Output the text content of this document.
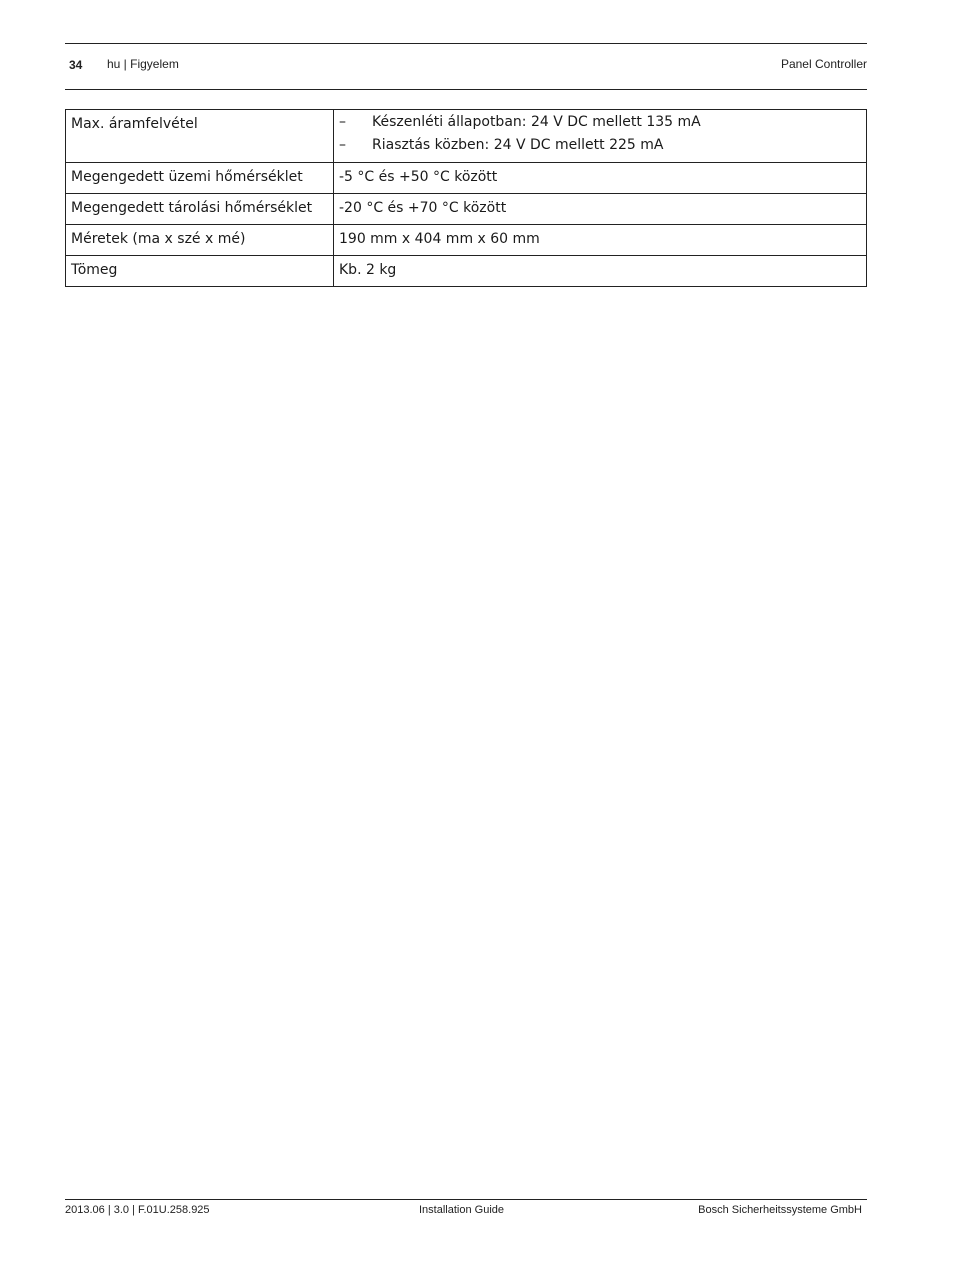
34 hu | Figyelem	Panel Controller
Max. áramfelvétel	– Készenléti állapotban: 24 V DC mellett 135 mA
– Riasztás közben: 24 V DC mellett 225 mA

Megengedett üzemi hőmérséklet	-5 °C és +50 °C között
Megengedett tárolási hőmérséklet	-20 °C és +70 °C között
Méretek (ma x szé x mé)	190 mm x 404 mm x 60 mm
Tömeg	Kb. 2 kg
2013.06 | 3.0 | F.01U.258.925	Installation Guide	Bosch Sicherheitssysteme GmbH
